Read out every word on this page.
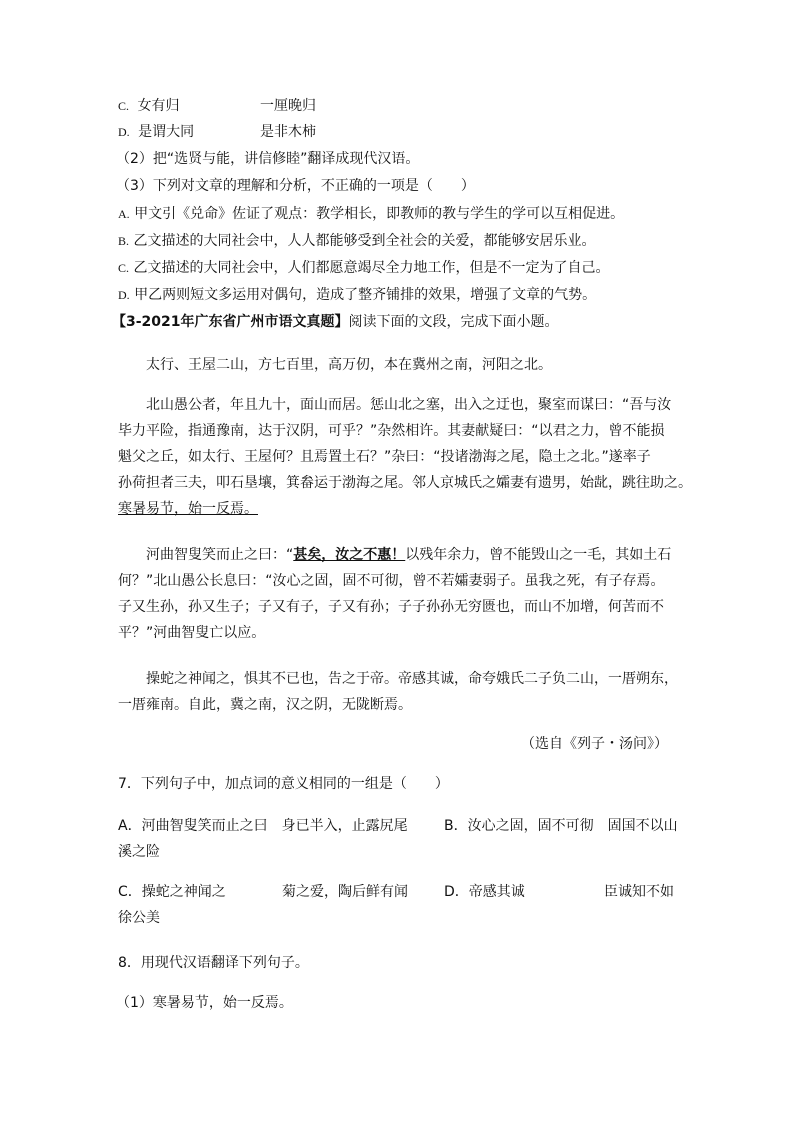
C. 女有归	一厘晚归
D. 是谓大同	是非木柿
（2）把“选贤与能，讲信修睦”翻译成现代汉语。
（3）下列对文章的理解和分析，不正确的一项是（　　）
A. 甲文引《兑命》佐证了观点：教学相长，即教师的教与学生的学可以互相促进。
B. 乙文描述的大同社会中，人人都能够受到全社会的关爱，都能够安居乐业。
C. 乙文描述的大同社会中，人们都愿意竭尽全力地工作，但是不一定为了自己。
D. 甲乙两则短文多运用对偶句，造成了整齐铺排的效果，增强了文章的气势。
【3-2021年广东省广州市语文真题】阅读下面的文段，完成下面小题。
太行、王屋二山，方七百里，高万仞，本在冀州之南，河阳之北。
北山愚公者，年且九十，面山而居。惩山北之塞，出入之迂也，聚室而谋曰：“吾与汝
毕力平险，指通豫南，达于汉阴，可乎？”杂然相许。其妻献疑曰：“以君之力，曾不能损
魁父之丘，如太行、王屋何？且焉置土石？”杂曰：“投诸渤海之尾，隐土之北。”遂率子
孙荷担者三夫，叩石垦壤，箕畚运于渤海之尾。邻人京城氏之孀妻有遗男，始龀，跳往助之。
寒暑易节，始一反焉。
河曲智叟笑而止之曰：“甚矣，汝之不惠！以残年余力，曾不能毁山之一毛，其如土石
何？”北山愚公长息曰：“汝心之固，固不可彻，曾不若孀妻弱子。虽我之死，有子存焉。
子又生孙，孙又生子；子又有子，子又有孙；子子孙孙无穷匮也，而山不加增，何苦而不
平？”河曲智叟亡以应。
操蛇之神闻之，惧其不已也，告之于帝。帝感其诚，命夸娥氏二子负二山，一厝朔东，
一厝雍南。自此，冀之南，汉之阴，无陇断焉。
（选自《列子・汤问》）
7．下列句子中，加点词的意义相同的一组是（　　）
A．河曲智叟笑而止之曰　身已半入，止露尻尾	B．汝心之固，固不可彻　固国不以山
溪之险
C．操蛇之神闻之	菊之爱，陶后鲜有闻	D．帝感其诚	臣诚知不如
徐公美
8．用现代汉语翻译下列句子。
（1）寒暑易节，始一反焉。
